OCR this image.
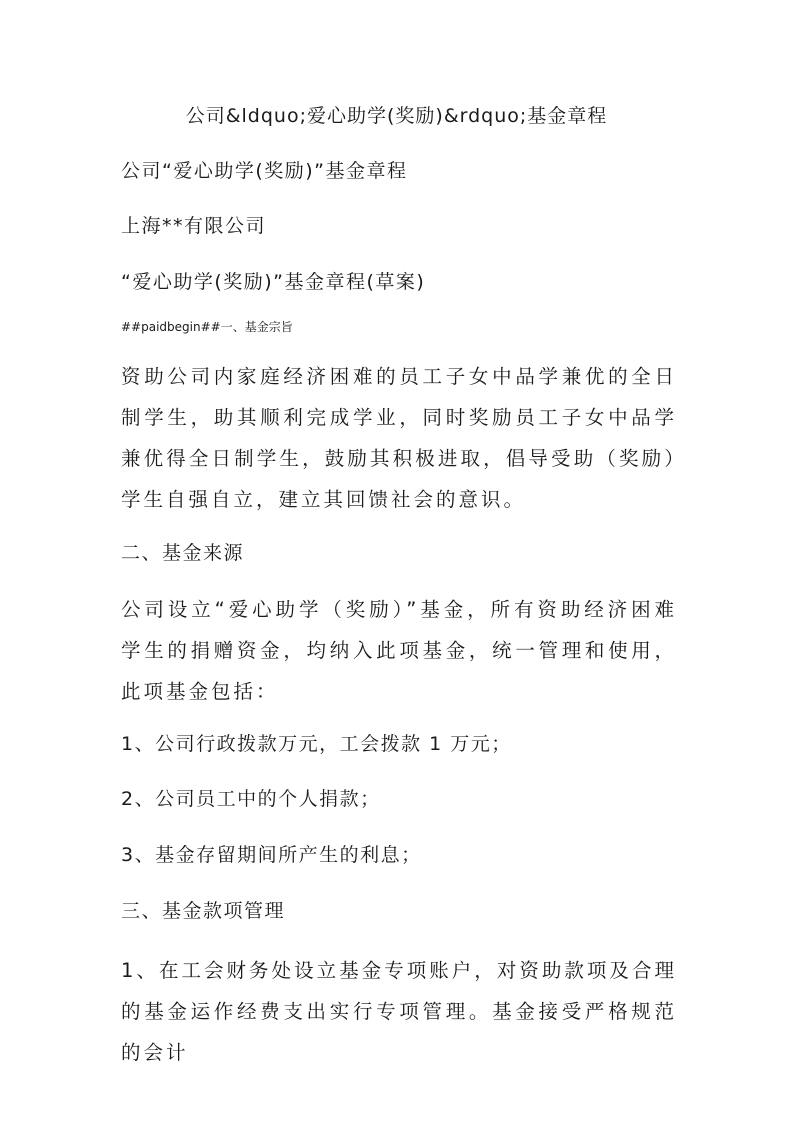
公司&ldquo;爱心助学(奖励)&rdquo;基金章程

公司“爱心助学(奖励)”基金章程

上海**有限公司

“爱心助学(奖励)”基金章程(草案)

##paidbegin##一、基金宗旨

资助公司内家庭经济困难的员工子女中品学兼优的全日制学生，助其顺利完成学业，同时奖励员工子女中品学兼优得全日制学生，鼓励其积极进取，倡导受助（奖励）学生自强自立，建立其回馈社会的意识。

二、基金来源

公司设立“爱心助学（奖励）”基金，所有资助经济困难学生的捐赠资金，均纳入此项基金，统一管理和使用，此项基金包括：

1、公司行政拨款万元，工会拨款 1 万元；

2、公司员工中的个人捐款；

3、基金存留期间所产生的利息；

三、基金款项管理

1、在工会财务处设立基金专项账户，对资助款项及合理的基金运作经费支出实行专项管理。基金接受严格规范的会计
